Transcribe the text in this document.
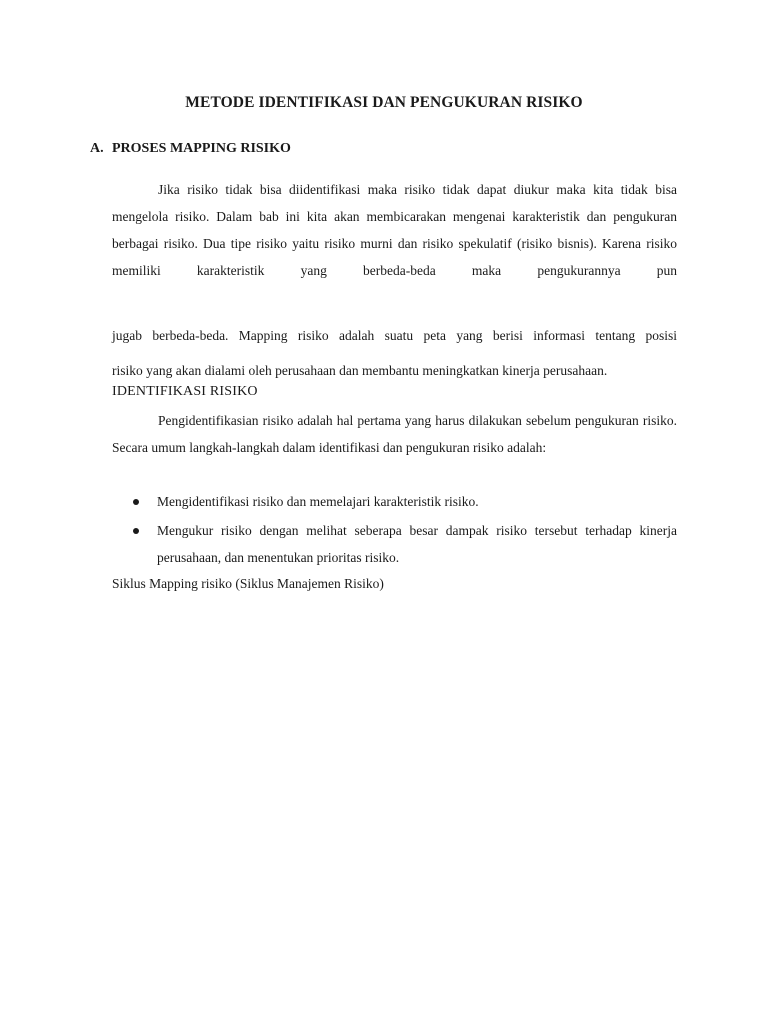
METODE IDENTIFIKASI DAN PENGUKURAN RISIKO
A. PROSES MAPPING RISIKO

Jika risiko tidak bisa diidentifikasi maka risiko tidak dapat diukur maka kita tidak bisa mengelola risiko. Dalam bab ini kita akan membicarakan mengenai karakteristik dan pengukuran berbagai risiko. Dua tipe risiko yaitu risiko murni dan risiko spekulatif (risiko bisnis). Karena risiko memiliki karakteristik yang berbeda-beda maka pengukurannya pun

jugab berbeda-beda. Mapping risiko adalah suatu peta yang berisi informasi tentang posisi
risiko yang akan dialami oleh perusahaan dan membantu meningkatkan kinerja perusahaan.

IDENTIFIKASI RISIKO

Pengidentifikasian risiko adalah hal pertama yang harus dilakukan sebelum pengukuran risiko. Secara umum langkah-langkah dalam identifikasi dan pengukuran risiko adalah:

Mengidentifikasi risiko dan memelajari karakteristik risiko.
Mengukur risiko dengan melihat seberapa besar dampak risiko tersebut terhadap kinerja perusahaan, dan menentukan prioritas risiko.
Siklus Mapping risiko (Siklus Manajemen Risiko)
